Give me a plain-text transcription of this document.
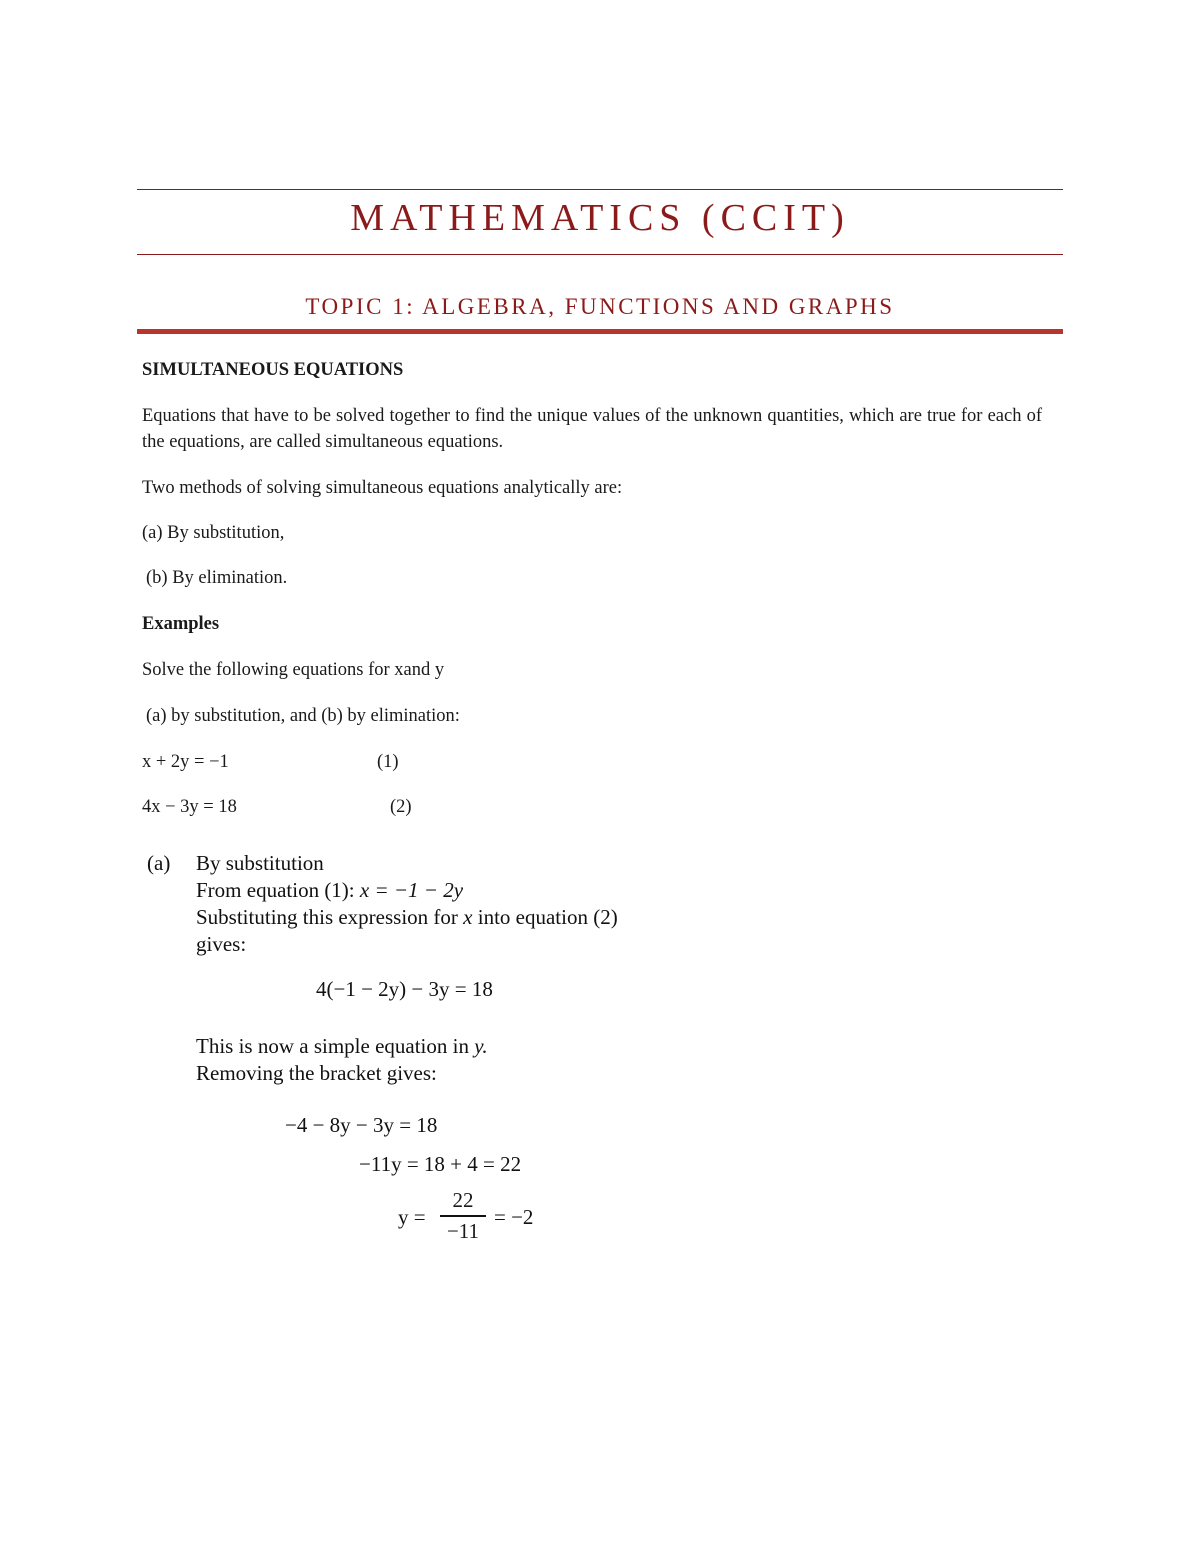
MATHEMATICS (CCIT)
TOPIC 1: ALGEBRA, FUNCTIONS AND GRAPHS
SIMULTANEOUS EQUATIONS
Equations that have to be solved together to find the unique values of the unknown quantities, which are true for each of the equations, are called simultaneous equations.
Two methods of solving simultaneous equations analytically are:
(a) By substitution,
(b) By elimination.
Examples
Solve the following equations for xand y
(a) by substitution, and (b) by elimination:
x + 2y = −1	(1)
4x − 3y = 18	(2)
(a) By substitution
From equation (1): x = −1 − 2y
Substituting this expression for x into equation (2)
gives:
4(−1 − 2y) − 3y = 18
This is now a simple equation in y.
Removing the bracket gives:
−4 − 8y − 3y = 18
−11y = 18 + 4 = 22
y =
22
−11
= −2
